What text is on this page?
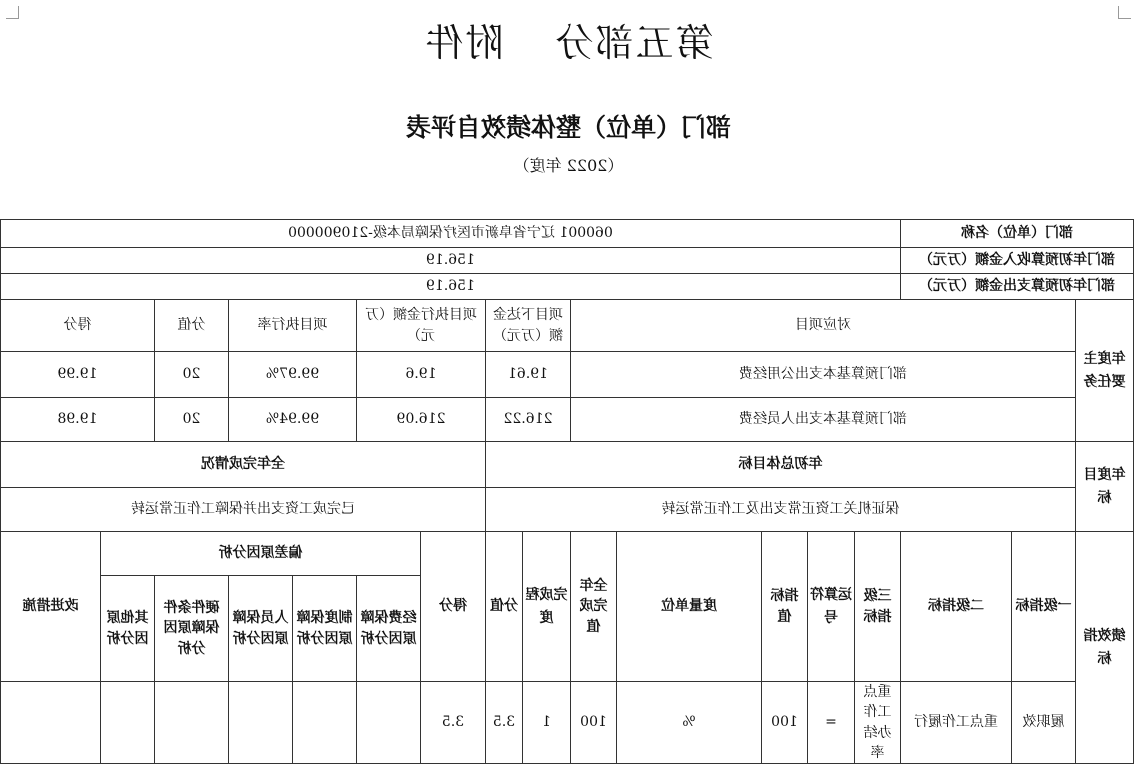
第五部分附件
部门（单位）整体绩效自评表
（2022 年度）
部门（单位）名称			060001 辽宁省阜新市医疗保障局本级-210900000													
部门年初预算收入金额（万元）			156.19													
部门年初预算支出金额（万元）			156.19													
年度主要任务	对应项目							项目下达金额（万元）		项目执行金额（万元）		项目执行率		分值	得分	
	部门预算基本支出公用经费							19.61		19.6		99.97%		20	19.99	
	部门预算基本支出人员经费							216.22		216.09		99.94%		20	19.98	
年度目标	年初总体目标									全年完成情况						
	保证机关工资正常支出及工作正常运转									已完成工资支出并保障工作正常运转						
绩效指标	一级指标	二级指标	三级指标	运算符号	指标值	度量单位	全年完成值	完成程度	分值	得分	偏差原因分析					改进措施
											经费保障原因分析	制度保障原因分析	人员保障原因分析	硬件条件保障原因分析	其他原因分析	
	履职效	重点工作履行	重点工作办结率	=	100	%	100	1	3.5	3.5						
